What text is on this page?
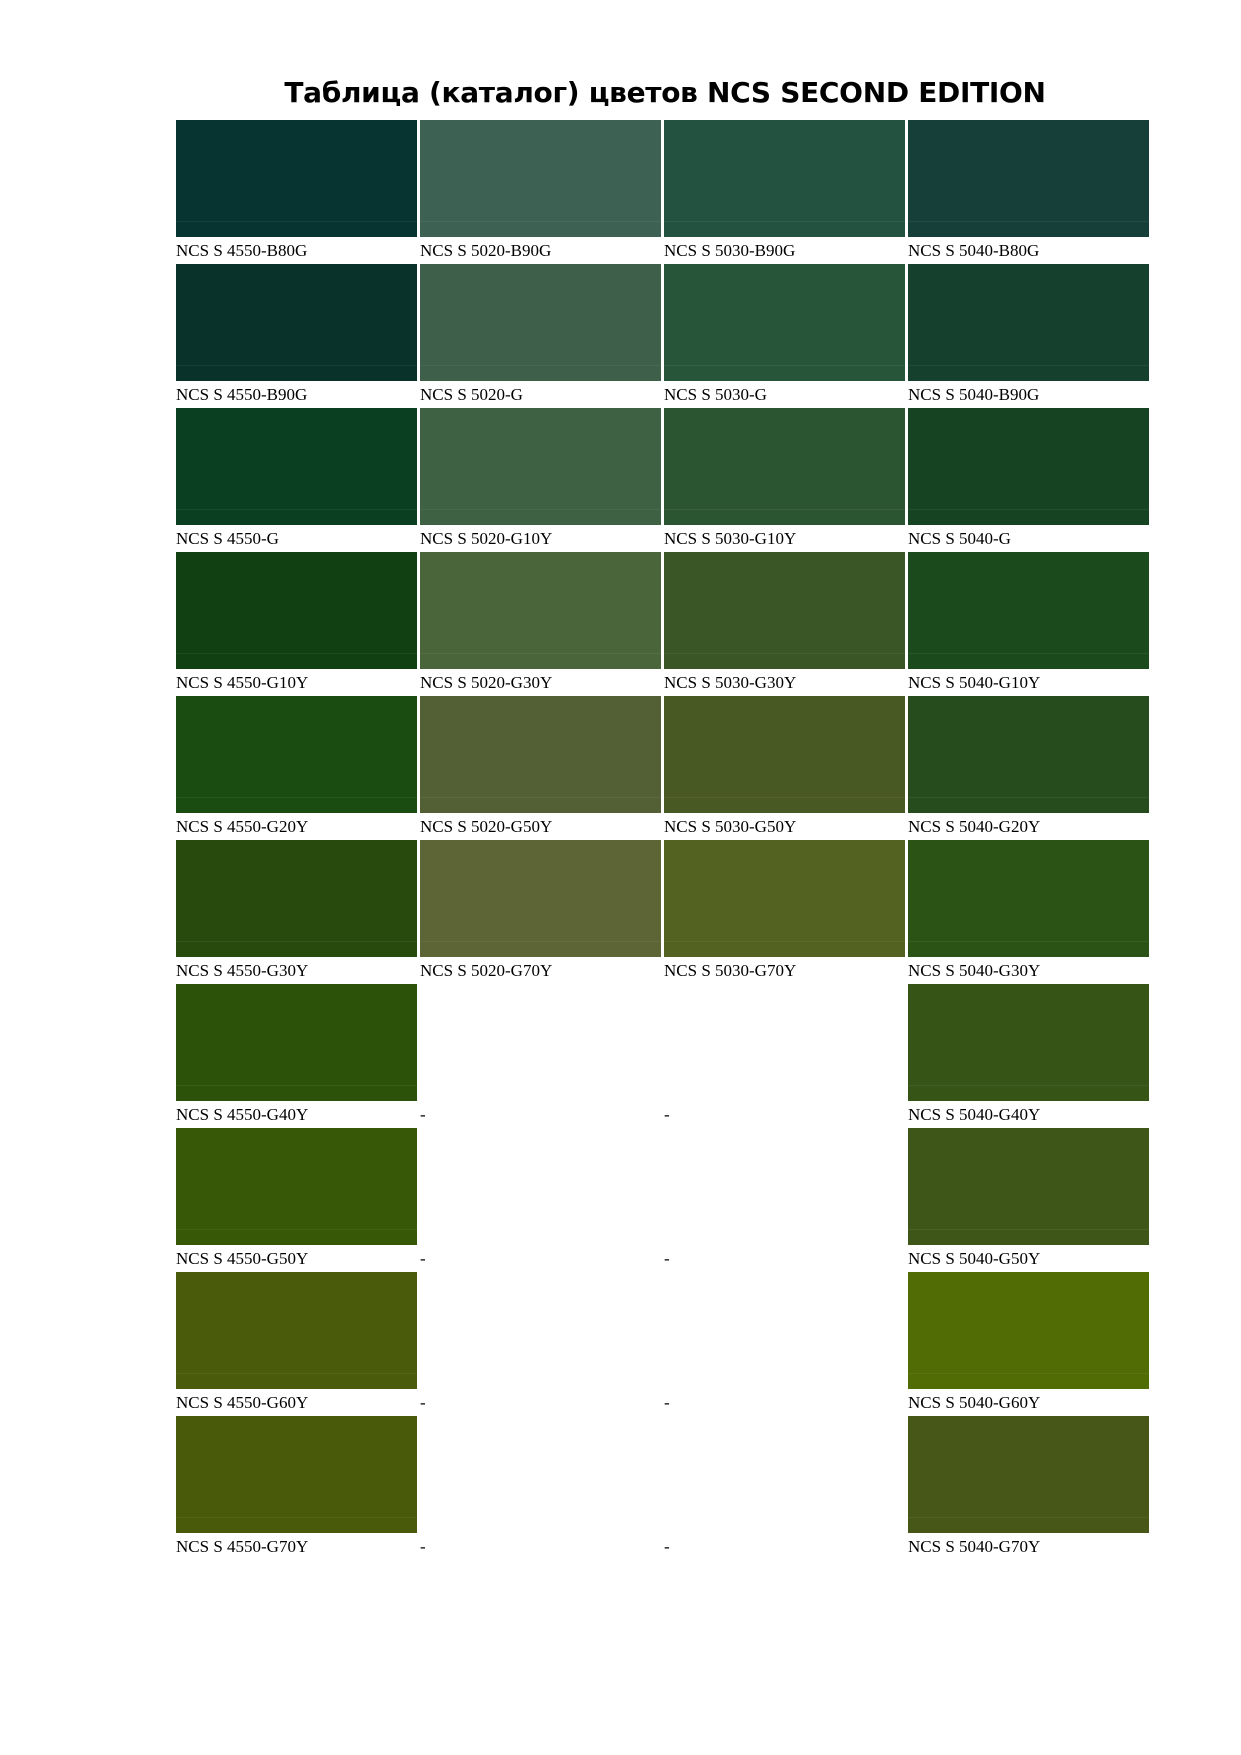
Таблица (каталог) цветов NCS SECOND EDITION
NCS S 4550-B80G	NCS S 5020-B90G	NCS S 5030-B90G	NCS S 5040-B80G
NCS S 4550-B90G	NCS S 5020-G	NCS S 5030-G	NCS S 5040-B90G
NCS S 4550-G	NCS S 5020-G10Y	NCS S 5030-G10Y	NCS S 5040-G
NCS S 4550-G10Y	NCS S 5020-G30Y	NCS S 5030-G30Y	NCS S 5040-G10Y
NCS S 4550-G20Y	NCS S 5020-G50Y	NCS S 5030-G50Y	NCS S 5040-G20Y
NCS S 4550-G30Y	NCS S 5020-G70Y	NCS S 5030-G70Y	NCS S 5040-G30Y
NCS S 4550-G40Y	-	-	NCS S 5040-G40Y
NCS S 4550-G50Y	-	-	NCS S 5040-G50Y
NCS S 4550-G60Y	-	-	NCS S 5040-G60Y
NCS S 4550-G70Y	-	-	NCS S 5040-G70Y
